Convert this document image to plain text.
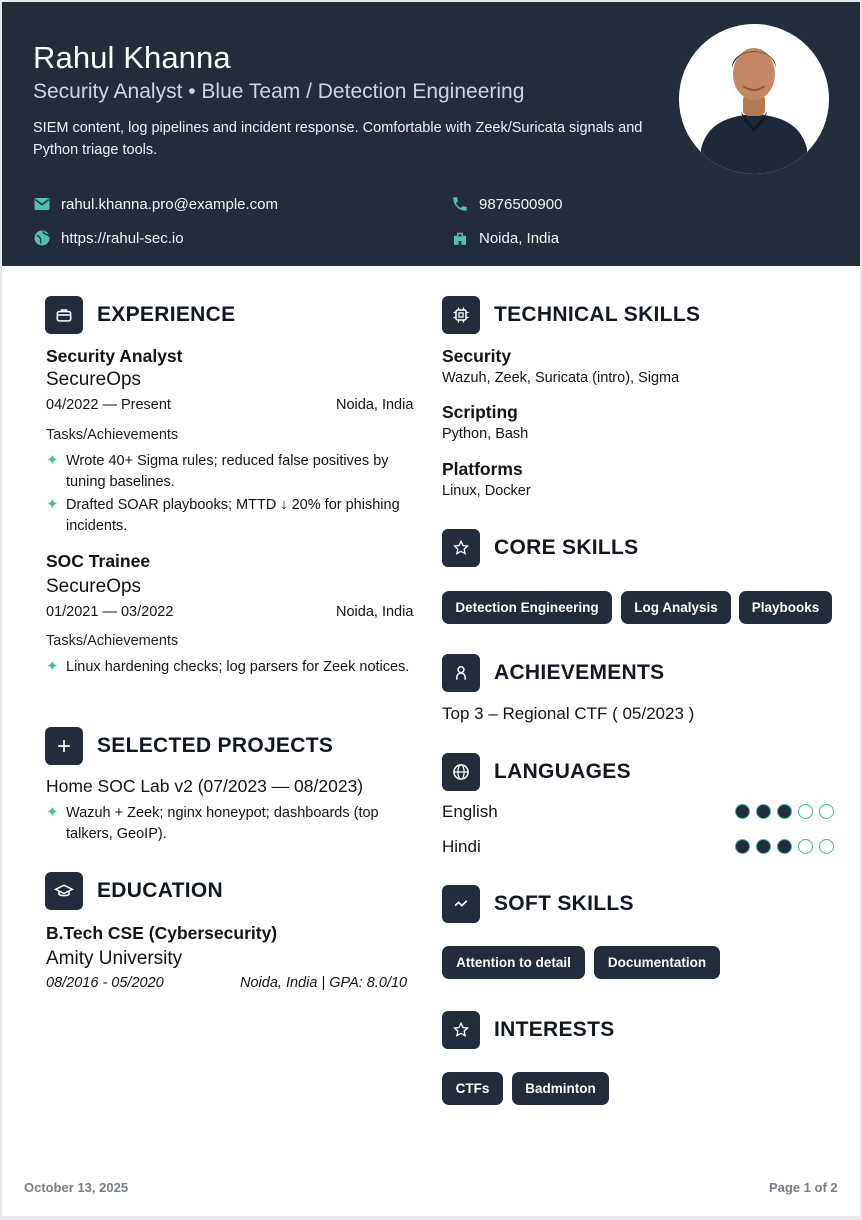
Rahul Khanna
Security Analyst • Blue Team / Detection Engineering
SIEM content, log pipelines and incident response. Comfortable with Zeek/Suricata signals and Python triage tools.
rahul.khanna.pro@example.com	9876500900
https://rahul-sec.io	Noida, India
EXPERIENCE
Security Analyst
SecureOps
04/2022 — Present	Noida, India
Tasks/Achievements
✦ Wrote 40+ Sigma rules; reduced false positives by tuning baselines.
✦ Drafted SOAR playbooks; MTTD ↓ 20% for phishing incidents.
SOC Trainee
SecureOps
01/2021 — 03/2022	Noida, India
Tasks/Achievements
✦ Linux hardening checks; log parsers for Zeek notices.
SELECTED PROJECTS
Home SOC Lab v2 (07/2023 — 08/2023)
✦ Wazuh + Zeek; nginx honeypot; dashboards (top talkers, GeoIP).
EDUCATION
B.Tech CSE (Cybersecurity)
Amity University
08/2016 - 05/2020	Noida, India | GPA: 8.0/10
TECHNICAL SKILLS
Security
Wazuh, Zeek, Suricata (intro), Sigma
Scripting
Python, Bash
Platforms
Linux, Docker
CORE SKILLS
Detection Engineering	Log Analysis	Playbooks
ACHIEVEMENTS
Top 3 – Regional CTF ( 05/2023 )
LANGUAGES
English
Hindi
SOFT SKILLS
Attention to detail	Documentation
INTERESTS
CTFs	Badminton
October 13, 2025	Page 1 of 2
